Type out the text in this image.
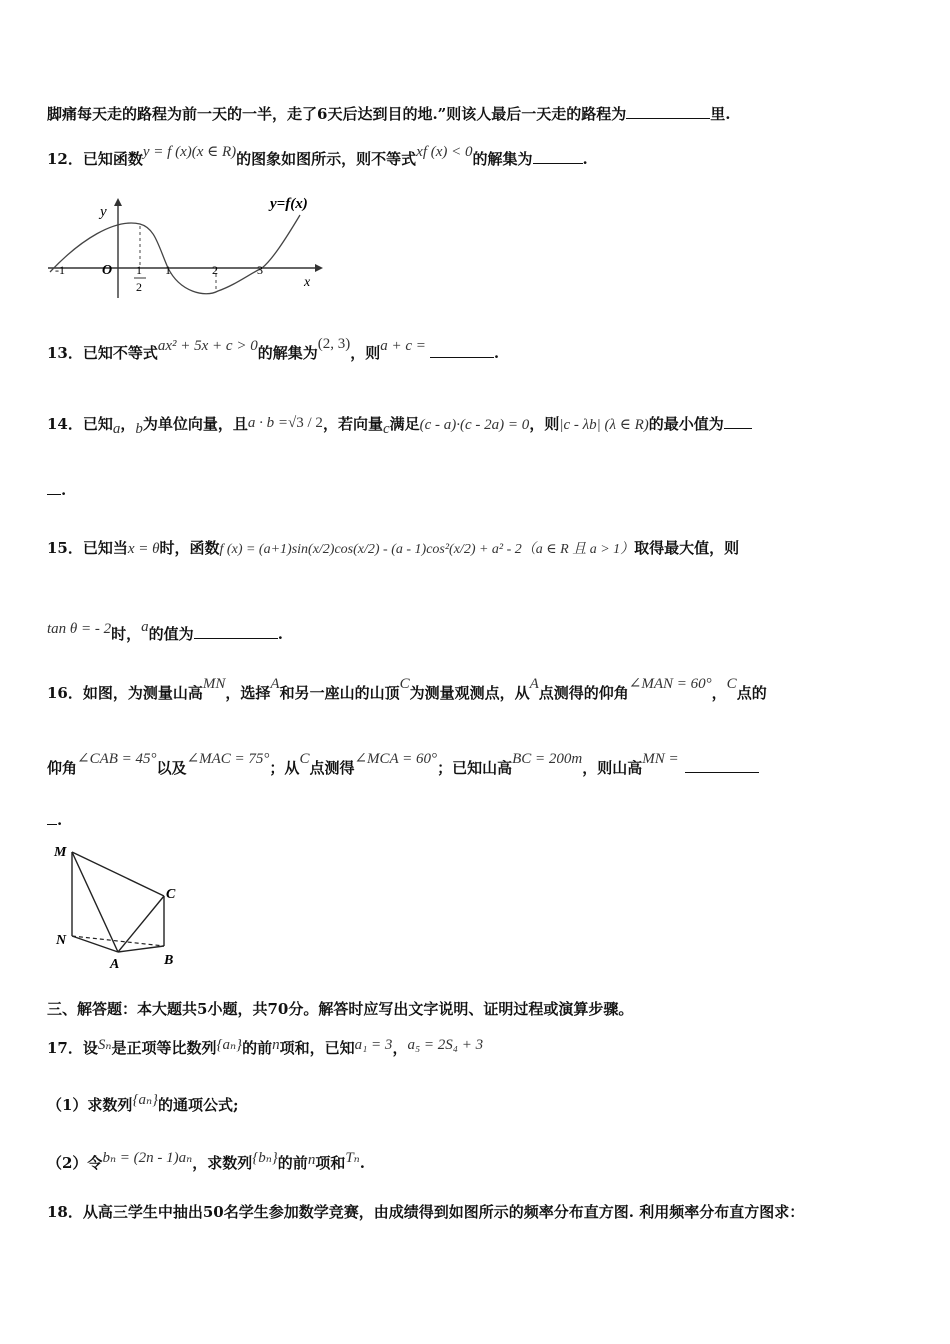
脚痛每天走的路程为前一天的一半，走了6天后达到目的地.”则该人最后一天走的路程为	里.
12．已知函数y = f (x)(x ∈ R)的图象如图所示，则不等式xf (x) < 0的解集为	.
y
x
y=f(x)
-1	O 1
2
1	2	3
13．已知不等式ax² + 5x + c > 0的解集为(2, 3)，则a + c =	.
14．已知a，b为单位向量，且a · b =√3 / 2，若向量c满足(c - a)·(c - 2a) = 0，则|c - λb| (λ ∈ R)的最小值为
.
15．已知当x = θ时，函数f (x) = (a+1)sin(x/2)cos(x/2) - (a - 1)cos²(x/2) + a² - 2（a ∈ R 且 a > 1）取得最大值，则
tan θ = - 2时，a的值为	.
16．如图，为测量山高MN，选择A和另一座山的山顶C为测量观测点，从A点测得的仰角∠MAN = 60°，C点的
仰角∠CAB = 45°以及∠MAC = 75°；从C点测得∠MCA = 60°；已知山高BC = 200m，则山高MN =
.
M
N
A	B
C
三、解答题：本大题共5小题，共70分。解答时应写出文字说明、证明过程或演算步骤。
17．设Sₙ是正项等比数列{aₙ}的前n项和，已知a₁ = 3，a₅ = 2S₄ + 3
（1）求数列{aₙ}的通项公式;
（2）令bₙ = (2n - 1)aₙ，求数列{bₙ}的前n项和Tₙ.
18．从高三学生中抽出50名学生参加数学竞赛，由成绩得到如图所示的频率分布直方图. 利用频率分布直方图求：
